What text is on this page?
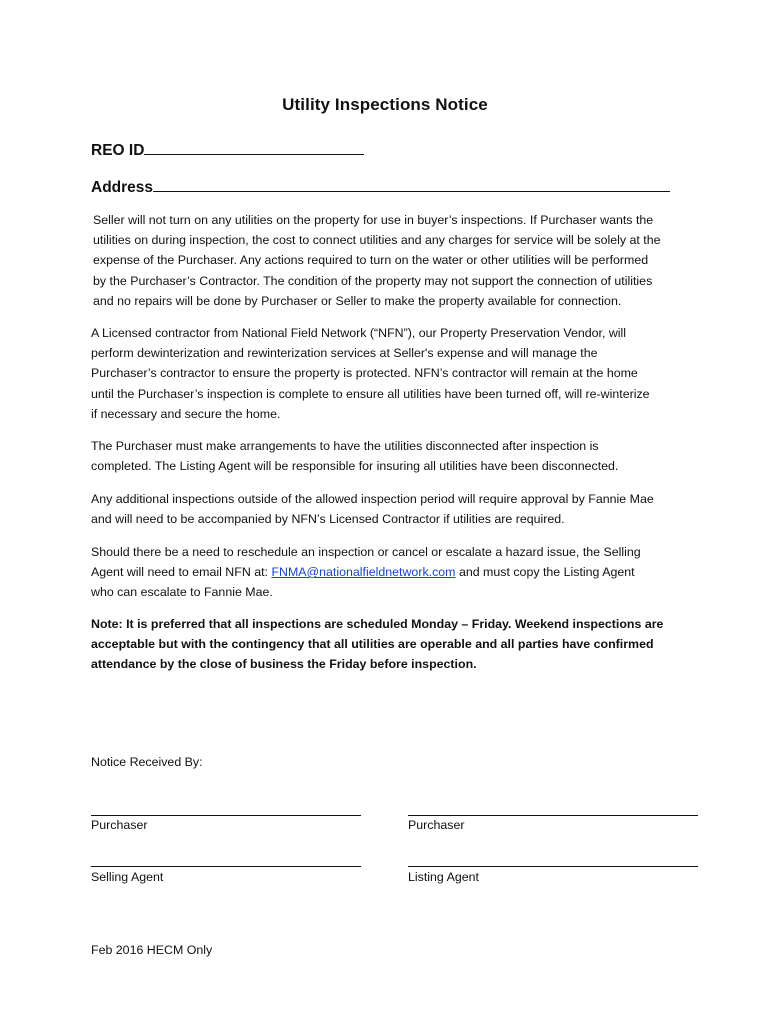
Utility Inspections Notice
REO ID
Address
Seller will not turn on any utilities on the property for use in buyer’s inspections. If Purchaser wants the
utilities on during inspection, the cost to connect utilities and any charges for service will be solely at the
expense of the Purchaser. Any actions required to turn on the water or other utilities will be performed
by the Purchaser’s Contractor. The condition of the property may not support the connection of utilities
and no repairs will be done by Purchaser or Seller to make the property available for connection.
A Licensed contractor from National Field Network (“NFN”), our Property Preservation Vendor, will
perform dewinterization and rewinterization services at Seller's expense and will manage the
Purchaser’s contractor to ensure the property is protected. NFN’s contractor will remain at the home
until the Purchaser’s inspection is complete to ensure all utilities have been turned off, will re-winterize
if necessary and secure the home.
The Purchaser must make arrangements to have the utilities disconnected after inspection is
completed. The Listing Agent will be responsible for insuring all utilities have been disconnected.
Any additional inspections outside of the allowed inspection period will require approval by Fannie Mae
and will need to be accompanied by NFN’s Licensed Contractor if utilities are required.
Should there be a need to reschedule an inspection or cancel or escalate a hazard issue, the Selling
Agent will need to email NFN at: FNMA@nationalfieldnetwork.com and must copy the Listing Agent
who can escalate to Fannie Mae.
Note: It is preferred that all inspections are scheduled Monday – Friday. Weekend inspections are
acceptable but with the contingency that all utilities are operable and all parties have confirmed
attendance by the close of business the Friday before inspection.
Notice Received By:
Purchaser	Purchaser
Selling Agent	Listing Agent
Feb 2016 HECM Only
